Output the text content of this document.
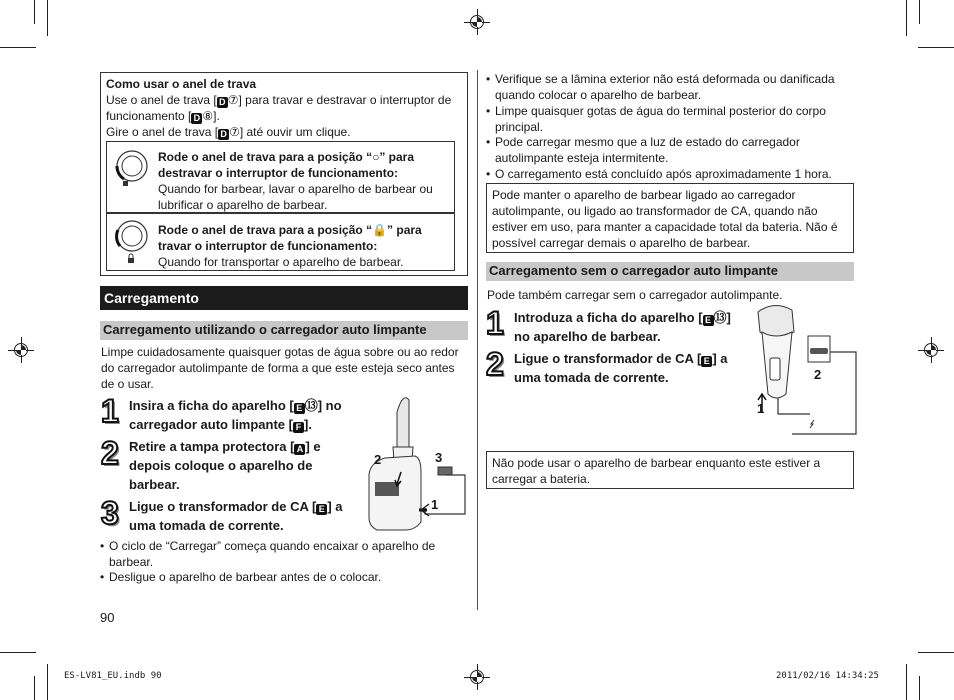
Como usar o anel de trava
Use o anel de trava [ D ⑦] para travar e destravar o interruptor de
funcionamento [ D ⑧].
Gire o anel de trava [ D ⑦] até ouvir um clique.
Rode o anel de trava para a posição “○” para destravar o interruptor de funcionamento:
Quando for barbear, lavar o aparelho de barbear ou lubrificar o aparelho de barbear.
Rode o anel de trava para a posição “🔒” para travar o interruptor de funcionamento:
Quando for transportar o aparelho de barbear.
Carregamento
Carregamento utilizando o carregador auto limpante
Limpe cuidadosamente quaisquer gotas de água sobre ou ao redor do carregador autolimpante de forma a que este esteja seco antes de o usar.
1 Insira a ficha do aparelho [ E ⑬] no carregador auto limpante [ F ].
2 Retire a tampa protectora [ A ] e depois coloque o aparelho de barbear.
3 Ligue o transformador de CA [ E ] a uma tomada de corrente.
2	3
1
• O ciclo de “Carregar” começa quando encaixar o aparelho de barbear.
• Desligue o aparelho de barbear antes de o colocar.
90
• Verifique se a lâmina exterior não está deformada ou danificada quando colocar o aparelho de barbear.
• Limpe quaisquer gotas de água do terminal posterior do corpo principal.
• Pode carregar mesmo que a luz de estado do carregador autolimpante esteja intermitente.
• O carregamento está concluído após aproximadamente 1 hora.
Pode manter o aparelho de barbear ligado ao carregador autolimpante, ou ligado ao transformador de CA, quando não estiver em uso, para manter a capacidade total da bateria. Não é possível carregar demais o aparelho de barbear.
Carregamento sem o carregador auto limpante
Pode também carregar sem o carregador autolimpante.
1 Introduza a ficha do aparelho [ E ⑬] no aparelho de barbear.
2 Ligue o transformador de CA [ E ] a uma tomada de corrente.	2
1
Não pode usar o aparelho de barbear enquanto este estiver a carregar a bateria.
ES-LV81_EU.indb 90	2011/02/16 14:34:25
